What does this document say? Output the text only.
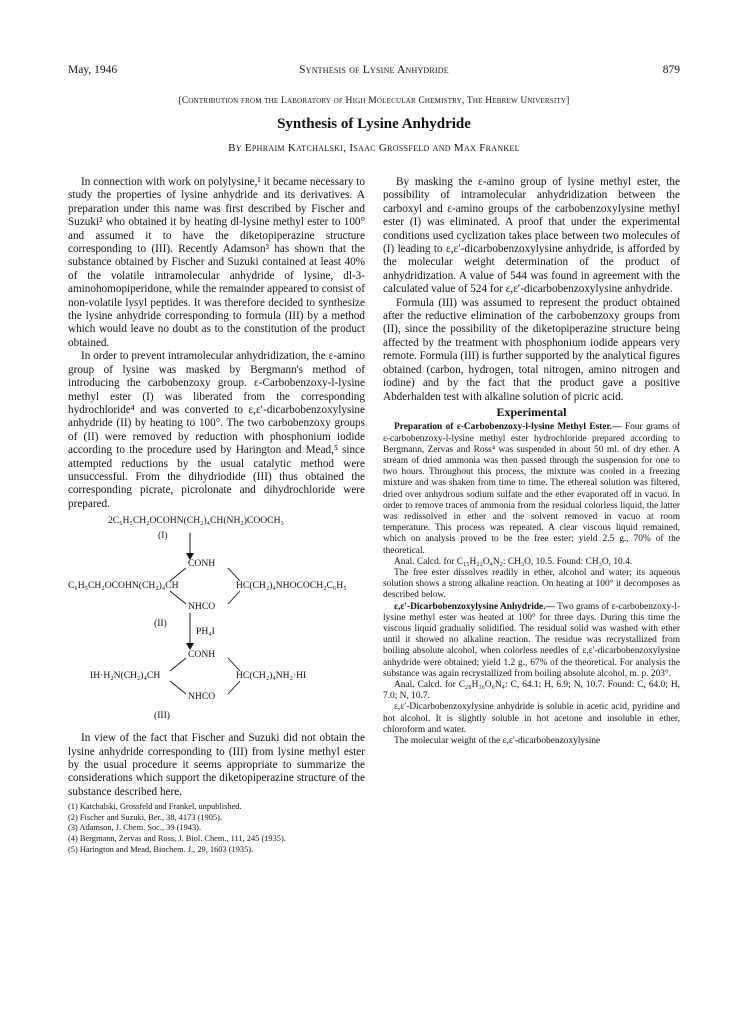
May, 1946	Synthesis of Lysine Anhydride	879
[Contribution from the Laboratory of High Molecular Chemistry, The Hebrew University]
Synthesis of Lysine Anhydride
By Ephraim Katchalski, Isaac Grossfeld and Max Frankel

In connection with work on polylysine,¹ it became necessary to study the properties of lysine anhydride and its derivatives. A preparation under this name was first described by Fischer and Suzuki² who obtained it by heating dl-lysine methyl ester to 100° and assumed it to have the diketopiperazine structure corresponding to (III). Recently Adamson³ has shown that the substance obtained by Fischer and Suzuki contained at least 40% of the volatile intramolecular anhydride of lysine, dl-3-aminohomopiperidone, while the remainder appeared to consist of non-volatile lysyl peptides. It was therefore decided to synthesize the lysine anhydride corresponding to formula (III) by a method which would leave no doubt as to the constitution of the product obtained.

In order to prevent intramolecular anhydridization, the ε-amino group of lysine was masked by Bergmann's method of introducing the carbobenzoxy group. ε-Carbobenzoxy-l-lysine methyl ester (I) was liberated from the corresponding hydrochloride⁴ and was converted to ε,ε′-dicarbobenzoxylysine anhydride (II) by heating to 100°. The two carbobenzoxy groups of (II) were removed by reduction with phosphonium iodide according to the procedure used by Harington and Mead,⁵ since attempted reductions by the usual catalytic method were unsuccessful. From the dihydriodide (III) thus obtained the corresponding picrate, picrolonate and dihydrochloride were prepared.

2C₆H₅CH₂OCOHN(CH₂)₄CH(NH₂)COOCH₃
(I)
CONH
C₆H₅CH₂OCOHN(CH₂)₄CH	HC(CH₂)₄NHOCOCH₂C₆H₅
NHCO
(II)
PH₄I
CONH
IH·H₂N(CH₂)₄CH	HC(CH₂)₄NH₂·HI
NHCO
(III)

In view of the fact that Fischer and Suzuki did not obtain the lysine anhydride corresponding to (III) from lysine methyl ester by the usual procedure it seems appropriate to summarize the considerations which support the diketopiperazine structure of the substance described here.

(1) Katchalski, Grossfeld and Frankel, unpublished.
(2) Fischer and Suzuki, Ber., 38, 4173 (1905).
(3) Adamson, J. Chem. Soc., 39 (1943).
(4) Bergmann, Zervas and Ross, J. Biol. Chem., 111, 245 (1935).
(5) Harington and Mead, Biochem. J., 29, 1603 (1935).

By masking the ε-amino group of lysine methyl ester, the possibility of intramolecular anhydridization between the carboxyl and ε-amino groups of the carbobenzoxylysine methyl ester (I) was eliminated. A proof that under the experimental conditions used cyclization takes place between two molecules of (I) leading to ε,ε′-dicarbobenzoxylysine anhydride, is afforded by the molecular weight determination of the product of anhydridization. A value of 544 was found in agreement with the calculated value of 524 for ε,ε′-dicarbobenzoxylysine anhydride.

Formula (III) was assumed to represent the product obtained after the reductive elimination of the carbobenzoxy groups from (II), since the possibility of the diketopiperazine structure being affected by the treatment with phosphonium iodide appears very remote. Formula (III) is further supported by the analytical figures obtained (carbon, hydrogen, total nitrogen, amino nitrogen and iodine) and by the fact that the product gave a positive Abderhalden test with alkaline solution of picric acid.

Experimental

Preparation of ε-Carbobenzoxy-l-lysine Methyl Ester.— Four grams of ε-carbobenzoxy-l-lysine methyl ester hydrochloride prepared according to Bergmann, Zervas and Ross⁴ was suspended in about 50 ml. of dry ether. A stream of dried ammonia was then passed through the suspension for one to two hours. Throughout this process, the mixture was cooled in a freezing mixture and was shaken from time to time. The ethereal solution was filtered, dried over anhydrous sodium sulfate and the ether evaporated off in vacuo. In order to remove traces of ammonia from the residual colorless liquid, the latter was redissolved in ether and the solvent removed in vacuo at room temperature. This process was repeated. A clear viscous liquid remained, which on analysis proved to be the free ester; yield 2.5 g., 70% of the theoretical.

Anal. Calcd. for C₁₅H₂₂O₄N₂: CH₃O, 10.5. Found: CH₃O, 10.4.

The free ester dissolves readily in ether, alcohol and water; its aqueous solution shows a strong alkaline reaction. On heating at 100° it decomposes as described below.

ε,ε′-Dicarbobenzoxylysine Anhydride.— Two grams of ε-carbobenzoxy-l-lysine methyl ester was heated at 100° for three days. During this time the viscous liquid gradually solidified. The residual solid was washed with ether until it showed no alkaline reaction. The residue was recrystallized from boiling absolute alcohol, when colorless needles of ε,ε′-dicarbobenzoxylysine anhydride were obtained; yield 1.2 g., 67% of the theoretical. For analysis the substance was again recrystallized from boiling absolute alcohol, m. p. 203°.

Anal. Calcd. for C₂₈H₃₆O₆N₄: C, 64.1; H, 6.9; N, 10.7. Found: C, 64.0; H, 7.0; N, 10.7.

ε,ε′-Dicarbobenzoxylysine anhydride is soluble in acetic acid, pyridine and hot alcohol. It is slightly soluble in hot acetone and insoluble in ether, chloroform and water.

The molecular weight of the ε,ε′-dicarbobenzoxylysine
